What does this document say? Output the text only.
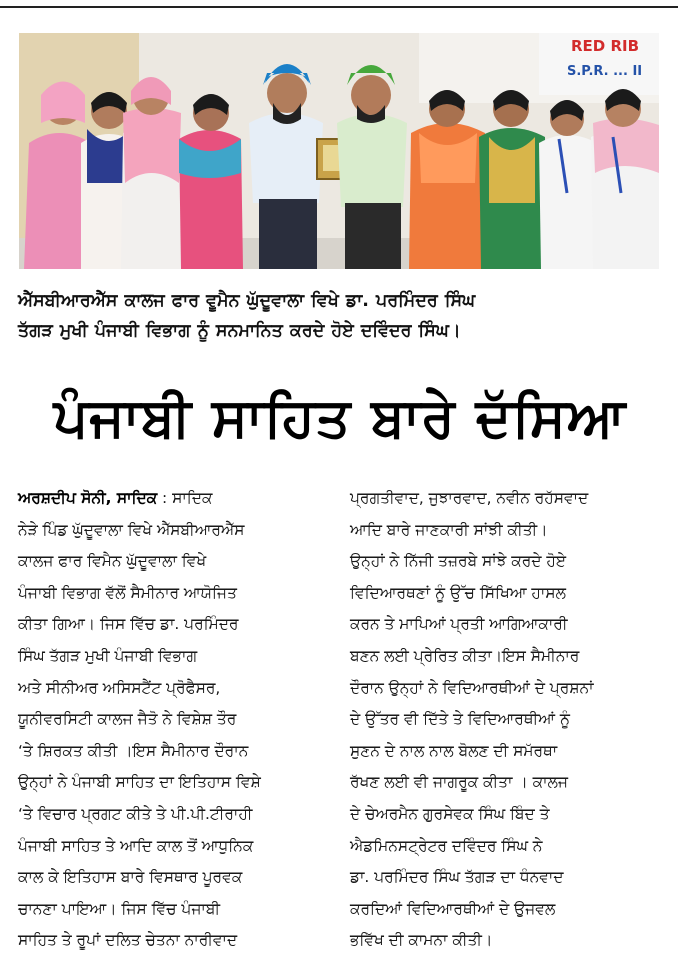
RED RIB
S.P.R. ... II
ਐੱਸਬੀਆਰਐੱਸ ਕਾਲਜ ਫਾਰ ਵੂਮੈਨ ਘੁੱਦੂਵਾਲਾ ਵਿਖੇ ਡਾ. ਪਰਮਿੰਦਰ ਸਿੰਘ
ਤੱਗੜ ਮੁਖੀ ਪੰਜਾਬੀ ਵਿਭਾਗ ਨੂੰ ਸਨਮਾਨਿਤ ਕਰਦੇ ਹੋਏ ਦਵਿੰਦਰ ਸਿੰਘ।
ਪੰਜਾਬੀ ਸਾਹਿਤ ਬਾਰੇ ਦੱਸਿਆ
ਅਰਸ਼ਦੀਪ ਸੋਨੀ, ਸਾਦਿਕ : ਸਾਦਿਕ
ਨੇੜੇ ਪਿੰਡ ਘੁੱਦੂਵਾਲਾ ਵਿਖੇ ਐੱਸਬੀਆਰਐੱਸ
ਕਾਲਜ ਫਾਰ ਵਿਮੈਨ ਘੁੱਦੂਵਾਲਾ ਵਿਖੇ
ਪੰਜਾਬੀ ਵਿਭਾਗ ਵੱਲੋਂ ਸੈਮੀਨਾਰ ਆਯੋਜਿਤ
ਕੀਤਾ ਗਿਆ। ਜਿਸ ਵਿੱਚ ਡਾ. ਪਰਮਿੰਦਰ
ਸਿੰਘ ਤੱਗੜ ਮੁਖੀ ਪੰਜਾਬੀ ਵਿਭਾਗ
ਅਤੇ ਸੀਨੀਅਰ ਅਸਿਸਟੈਂਟ ਪ੍ਰੋਫੈਸਰ,
ਯੂਨੀਵਰਸਿਟੀ ਕਾਲਜ ਜੈਤੋ ਨੇ ਵਿਸ਼ੇਸ਼ ਤੌਰ
‘ਤੇ ਸ਼ਿਰਕਤ ਕੀਤੀ ।ਇਸ ਸੈਮੀਨਾਰ ਦੌਰਾਨ
ਉਨ੍ਹਾਂ ਨੇ ਪੰਜਾਬੀ ਸਾਹਿਤ ਦਾ ਇਤਿਹਾਸ ਵਿਸ਼ੇ
‘ਤੇ ਵਿਚਾਰ ਪ੍ਰਗਟ ਕੀਤੇ ਤੇ ਪੀ.ਪੀ.ਟੀਰਾਹੀ
ਪੰਜਾਬੀ ਸਾਹਿਤ ਤੇ ਆਦਿ ਕਾਲ ਤੋਂ ਆਧੁਨਿਕ
ਕਾਲ ਕੇ ਇਤਿਹਾਸ ਬਾਰੇ ਵਿਸਥਾਰ ਪੂਰਵਕ
ਚਾਨਣਾ ਪਾਇਆ। ਜਿਸ ਵਿੱਚ ਪੰਜਾਬੀ
ਸਾਹਿਤ ਤੇ ਰੂਪਾਂ ਦਲਿਤ ਚੇਤਨਾ ਨਾਰੀਵਾਦ
ਪ੍ਰਗਤੀਵਾਦ, ਜੁਝਾਰਵਾਦ, ਨਵੀਨ ਰਹੱਸਵਾਦ
ਆਦਿ ਬਾਰੇ ਜਾਣਕਾਰੀ ਸਾਂਝੀ ਕੀਤੀ।
ਉਨ੍ਹਾਂ ਨੇ ਨਿੱਜੀ ਤਜ਼ਰਬੇ ਸਾਂਝੇ ਕਰਦੇ ਹੋਏ
ਵਿਦਿਆਰਥਣਾਂ ਨੂੰ ਉੱਚ ਸਿੱਖਿਆ ਹਾਸਲ
ਕਰਨ ਤੇ ਮਾਪਿਆਂ ਪ੍ਰਤੀ ਆਗਿਆਕਾਰੀ
ਬਣਨ ਲਈ ਪ੍ਰੇਰਿਤ ਕੀਤਾ।ਇਸ ਸੈਮੀਨਾਰ
ਦੌਰਾਨ ਉਨ੍ਹਾਂ ਨੇ ਵਿਦਿਆਰਥੀਆਂ ਦੇ ਪ੍ਰਸ਼ਨਾਂ
ਦੇ ਉੱਤਰ ਵੀ ਦਿੱਤੇ ਤੇ ਵਿਦਿਆਰਥੀਆਂ ਨੂੰ
ਸੁਣਨ ਦੇ ਨਾਲ ਨਾਲ ਬੋਲਣ ਦੀ ਸਮੱਰਥਾ
ਰੱਖਣ ਲਈ ਵੀ ਜਾਗਰੂਕ ਕੀਤਾ । ਕਾਲਜ
ਦੇ ਚੇਅਰਮੈਨ ਗੁਰਸੇਵਕ ਸਿੰਘ ਬਿੰਦ ਤੇ
ਐਡਮਿਨਸਟ੍ਰੇਟਰ ਦਵਿੰਦਰ ਸਿੰਘ ਨੇ
ਡਾ. ਪਰਮਿੰਦਰ ਸਿੰਘ ਤੱਗੜ ਦਾ ਧੰਨਵਾਦ
ਕਰਦਿਆਂ ਵਿਦਿਆਰਥੀਆਂ ਦੇ ਉਜਵਲ
ਭਵਿੱਖ ਦੀ ਕਾਮਨਾ ਕੀਤੀ।
